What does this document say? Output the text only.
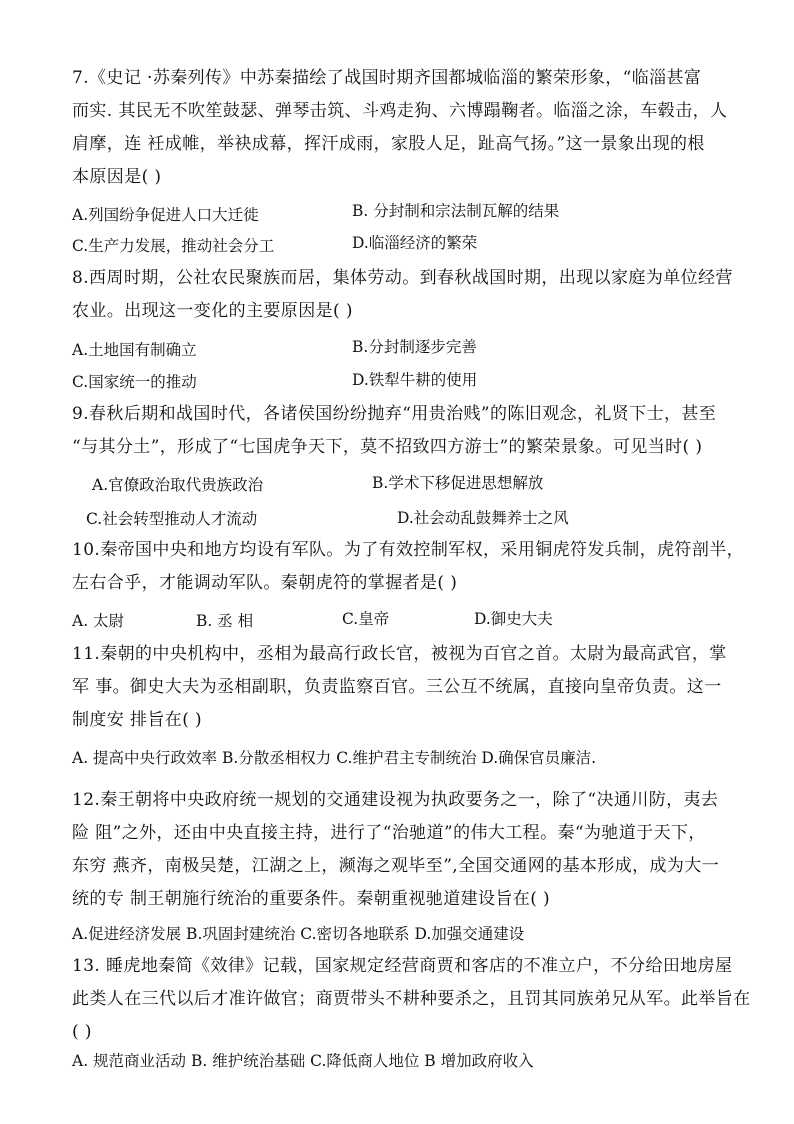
7.《史记 ·苏秦列传》中苏秦描绘了战国时期齐国都城临淄的繁荣形象，“临淄甚富
而实. 其民无不吹笙鼓瑟、弹琴击筑、斗鸡走狗、六博蹋鞠者。临淄之涂，车毂击，人
肩摩，连 衽成帷，举袂成幕，挥汗成雨，家股人足，趾高气扬。”这一景象出现的根
本原因是( )
A.列国纷争促进人口大迁徙	B. 分封制和宗法制瓦解的结果
C.生产力发展，推动社会分工	D.临淄经济的繁荣
8.西周时期，公社农民聚族而居，集体劳动。到春秋战国时期，出现以家庭为单位经营
农业。出现这一变化的主要原因是( )
A.土地国有制确立	B.分封制逐步完善
C.国家统一的推动	D.铁犁牛耕的使用
9.春秋后期和战国时代，各诸侯国纷纷抛弃“用贵治贱”的陈旧观念，礼贤下士，甚至
“与其分土”，形成了“七国虎争天下，莫不招致四方游士”的繁荣景象。可见当时( )
A.官僚政治取代贵族政治	B.学术下移促进思想解放
C.社会转型推动人才流动	D.社会动乱鼓舞养士之风
10.秦帝国中央和地方均设有军队。为了有效控制军权，采用铜虎符发兵制，虎符剖半，
左右合乎，才能调动军队。秦朝虎符的掌握者是( )
A. 太尉	B. 丞 相	C.皇帝	D.御史大夫
11.秦朝的中央机构中，丞相为最高行政长官，被视为百官之首。太尉为最高武官，掌
军 事。御史大夫为丞相副职，负责监察百官。三公互不统属，直接向皇帝负责。这一
制度安 排旨在( )
A. 提高中央行政效率 B.分散丞相权力 C.维护君主专制统治 D.确保官员廉洁.
12.秦王朝将中央政府统一规划的交通建设视为执政要务之一，除了“决通川防，夷去
险 阻”之外，还由中央直接主持，进行了“治驰道”的伟大工程。秦“为驰道于天下，
东穷 燕齐，南极吴楚，江湖之上，濒海之观毕至”,全国交通网的基本形成，成为大一
统的专 制王朝施行统治的重要条件。秦朝重视驰道建设旨在( )
A.促进经济发展 B.巩固封建统治 C.密切各地联系 D.加强交通建设
13. 睡虎地秦简《效律》记载，国家规定经营商贾和客店的不准立户，不分给田地房屋
此类人在三代以后才准许做官；商贾带头不耕种要杀之，且罚其同族弟兄从军。此举旨在
( )
A. 规范商业活动 B. 维护统治基础 C.降低商人地位 B 增加政府收入
